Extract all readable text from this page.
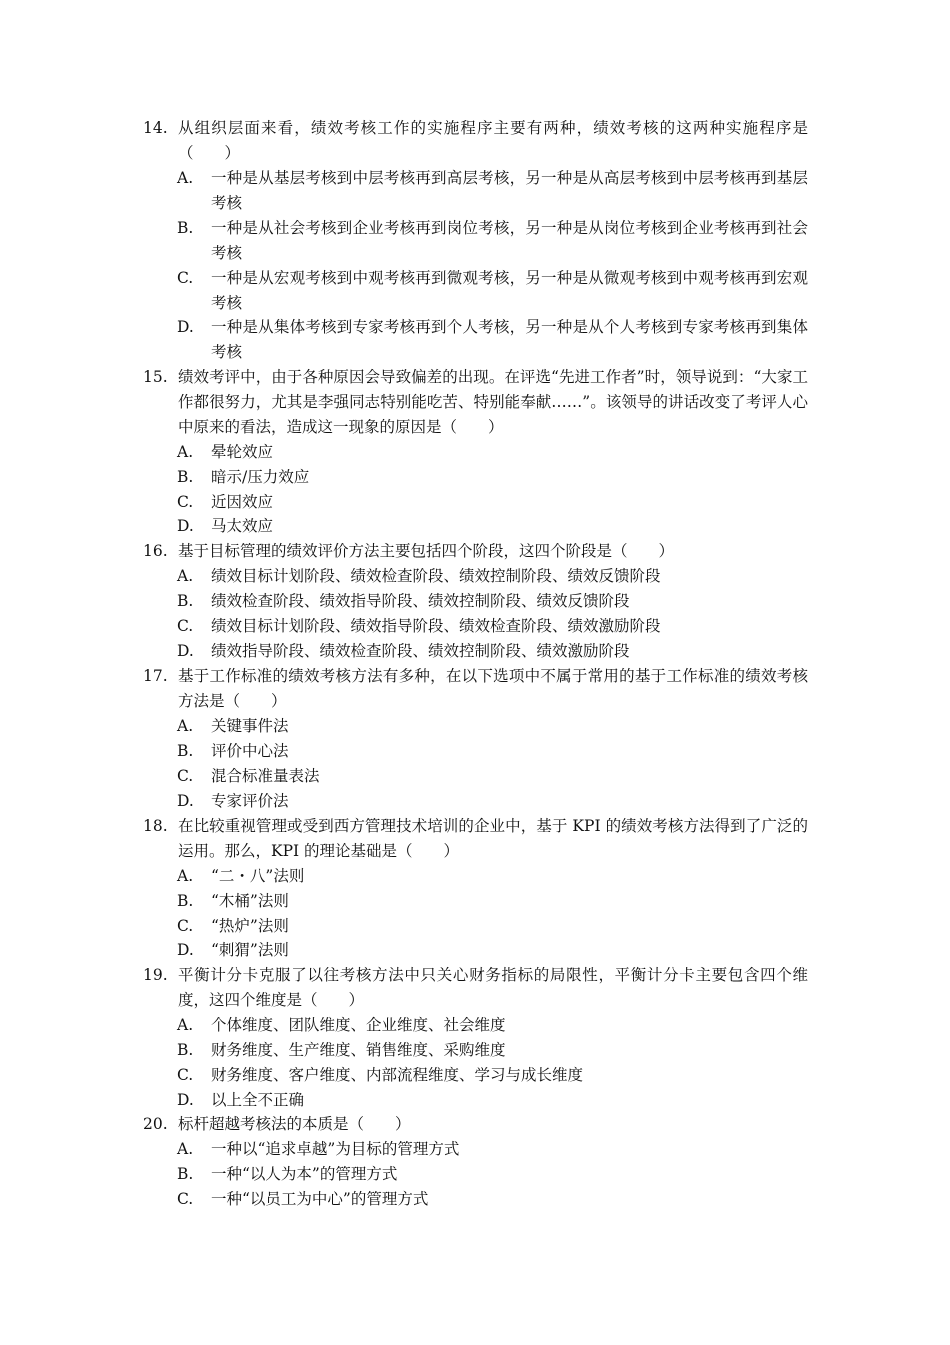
14. 从组织层面来看，绩效考核工作的实施程序主要有两种，绩效考核的这两种实施程序是（　　）
A. 一种是从基层考核到中层考核再到高层考核，另一种是从高层考核到中层考核再到基层考核
B. 一种是从社会考核到企业考核再到岗位考核，另一种是从岗位考核到企业考核再到社会考核
C. 一种是从宏观考核到中观考核再到微观考核，另一种是从微观考核到中观考核再到宏观考核
D. 一种是从集体考核到专家考核再到个人考核，另一种是从个人考核到专家考核再到集体考核
15. 绩效考评中，由于各种原因会导致偏差的出现。在评选“先进工作者”时，领导说到：“大家工作都很努力，尤其是李强同志特别能吃苦、特别能奉献……”。该领导的讲话改变了考评人心中原来的看法，造成这一现象的原因是（　　）
A. 晕轮效应
B. 暗示/压力效应
C. 近因效应
D. 马太效应
16. 基于目标管理的绩效评价方法主要包括四个阶段，这四个阶段是（　　）
A. 绩效目标计划阶段、绩效检查阶段、绩效控制阶段、绩效反馈阶段
B. 绩效检查阶段、绩效指导阶段、绩效控制阶段、绩效反馈阶段
C. 绩效目标计划阶段、绩效指导阶段、绩效检查阶段、绩效激励阶段
D. 绩效指导阶段、绩效检查阶段、绩效控制阶段、绩效激励阶段
17. 基于工作标准的绩效考核方法有多种，在以下选项中不属于常用的基于工作标准的绩效考核方法是（　　）
A. 关键事件法
B. 评价中心法
C. 混合标准量表法
D. 专家评价法
18. 在比较重视管理或受到西方管理技术培训的企业中，基于 KPI 的绩效考核方法得到了广泛的运用。那么，KPI 的理论基础是（　　）
A. “二・八”法则
B. “木桶”法则
C. “热炉”法则
D. “刺猬”法则
19. 平衡计分卡克服了以往考核方法中只关心财务指标的局限性，平衡计分卡主要包含四个维度，这四个维度是（　　）
A. 个体维度、团队维度、企业维度、社会维度
B. 财务维度、生产维度、销售维度、采购维度
C. 财务维度、客户维度、内部流程维度、学习与成长维度
D. 以上全不正确
20. 标杆超越考核法的本质是（　　）
A. 一种以“追求卓越”为目标的管理方式
B. 一种“以人为本”的管理方式
C. 一种“以员工为中心”的管理方式
